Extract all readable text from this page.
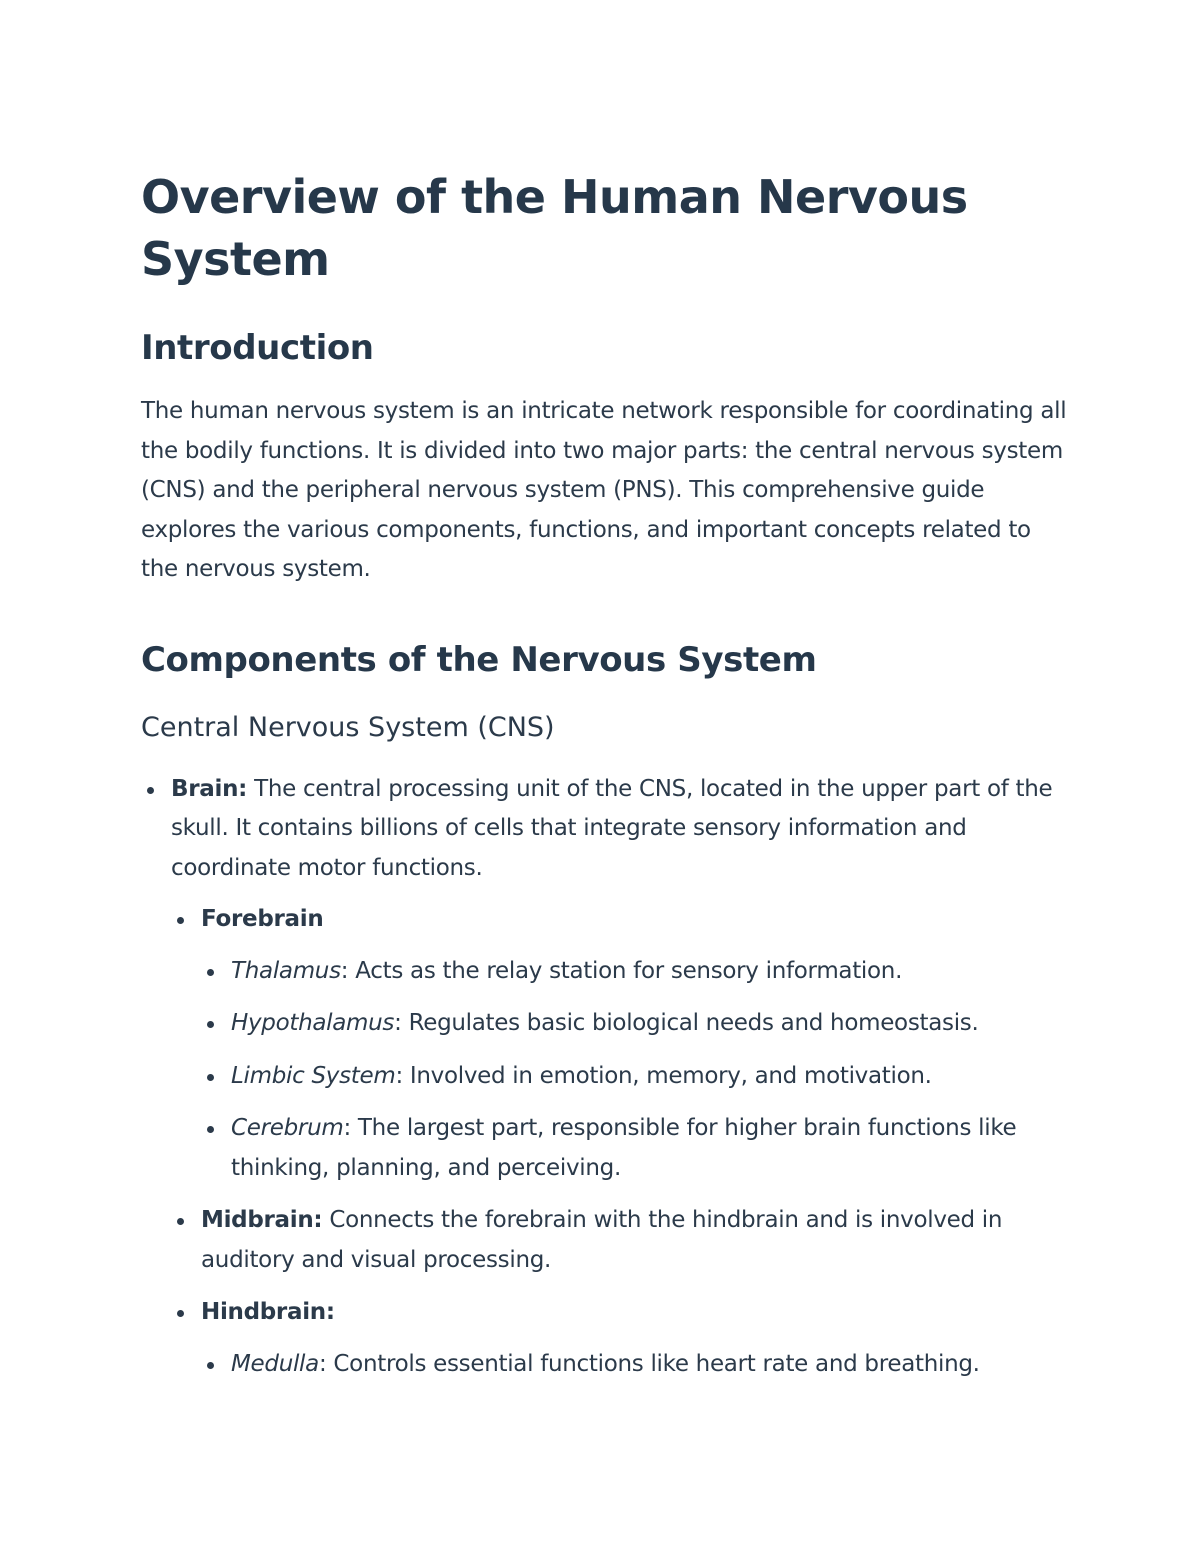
Overview of the Human Nervous System
Introduction

The human nervous system is an intricate network responsible for coordinating all the bodily functions. It is divided into two major parts: the central nervous system (CNS) and the peripheral nervous system (PNS). This comprehensive guide explores the various components, functions, and important concepts related to the nervous system.

Components of the Nervous System
Central Nervous System (CNS)
Brain: The central processing unit of the CNS, located in the upper part of the skull. It contains billions of cells that integrate sensory information and coordinate motor functions.
Forebrain
Thalamus: Acts as the relay station for sensory information.
Hypothalamus: Regulates basic biological needs and homeostasis.
Limbic System: Involved in emotion, memory, and motivation.
Cerebrum: The largest part, responsible for higher brain functions like thinking, planning, and perceiving.
Midbrain: Connects the forebrain with the hindbrain and is involved in auditory and visual processing.
Hindbrain:
Medulla: Controls essential functions like heart rate and breathing.
